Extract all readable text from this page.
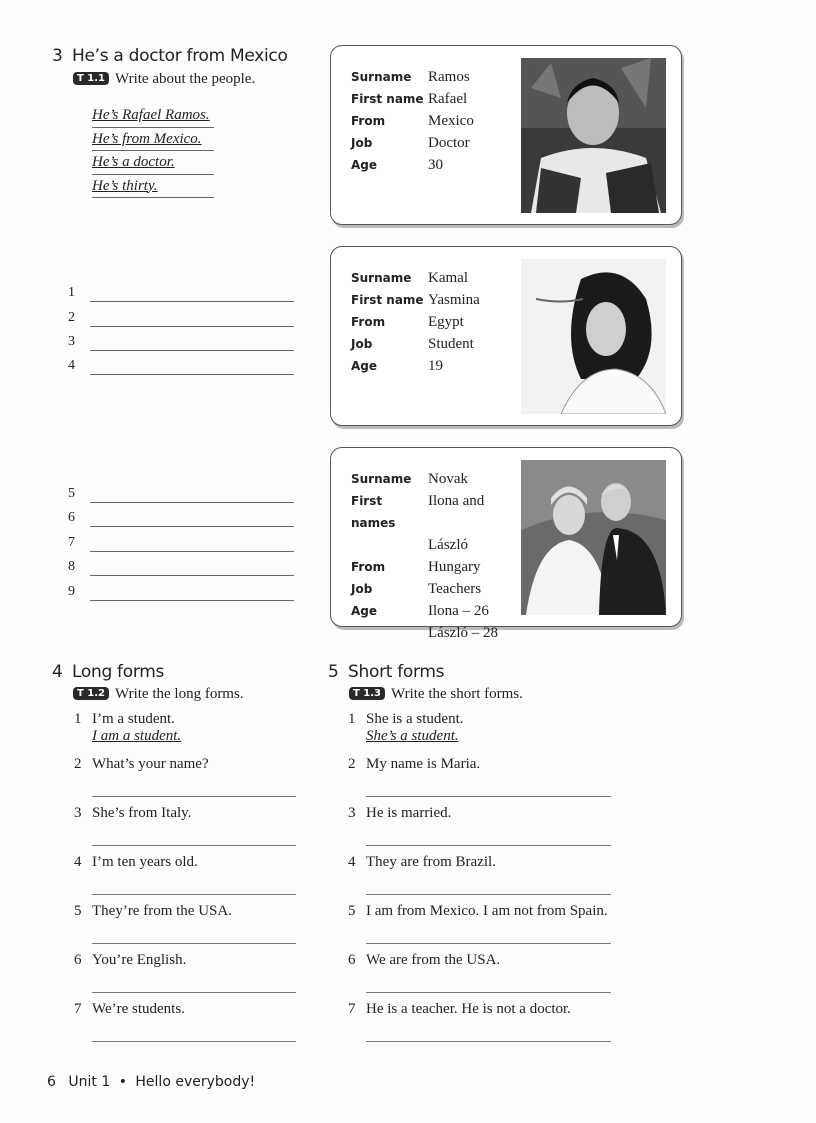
3 He’s a doctor from Mexico
T 1.1 Write about the people.
He’s Rafael Ramos.
He’s from Mexico.
He’s a doctor.
He’s thirty.
Surname	Ramos
First name Rafael
From	Mexico
Job	Doctor
Age	30
Surname	Kamal
First name Yasmina
From	Egypt
Job	Student
Age	19
Surname	Novak
First names
Ilona and
László
From	Hungary
Job	Teachers
Age	Ilona – 26
László – 28
1
2
3
4
5
6
7
8
9
4 Long forms
T 1.2 Write the long forms.
1 I’m a student.
I am a student.
2 What’s your name?
3 She’s from Italy.
4 I’m ten years old.
5 They’re from the USA.
6 You’re English.
7 We’re students.
5 Short forms
T 1.3 Write the short forms.
1 She is a student.
She’s a student.
2 My name is Maria.
3 He is married.
4 They are from Brazil.
5 I am from Mexico. I am not from Spain.
6 We are from the USA.
7 He is a teacher. He is not a doctor.
6 Unit 1 • Hello everybody!
